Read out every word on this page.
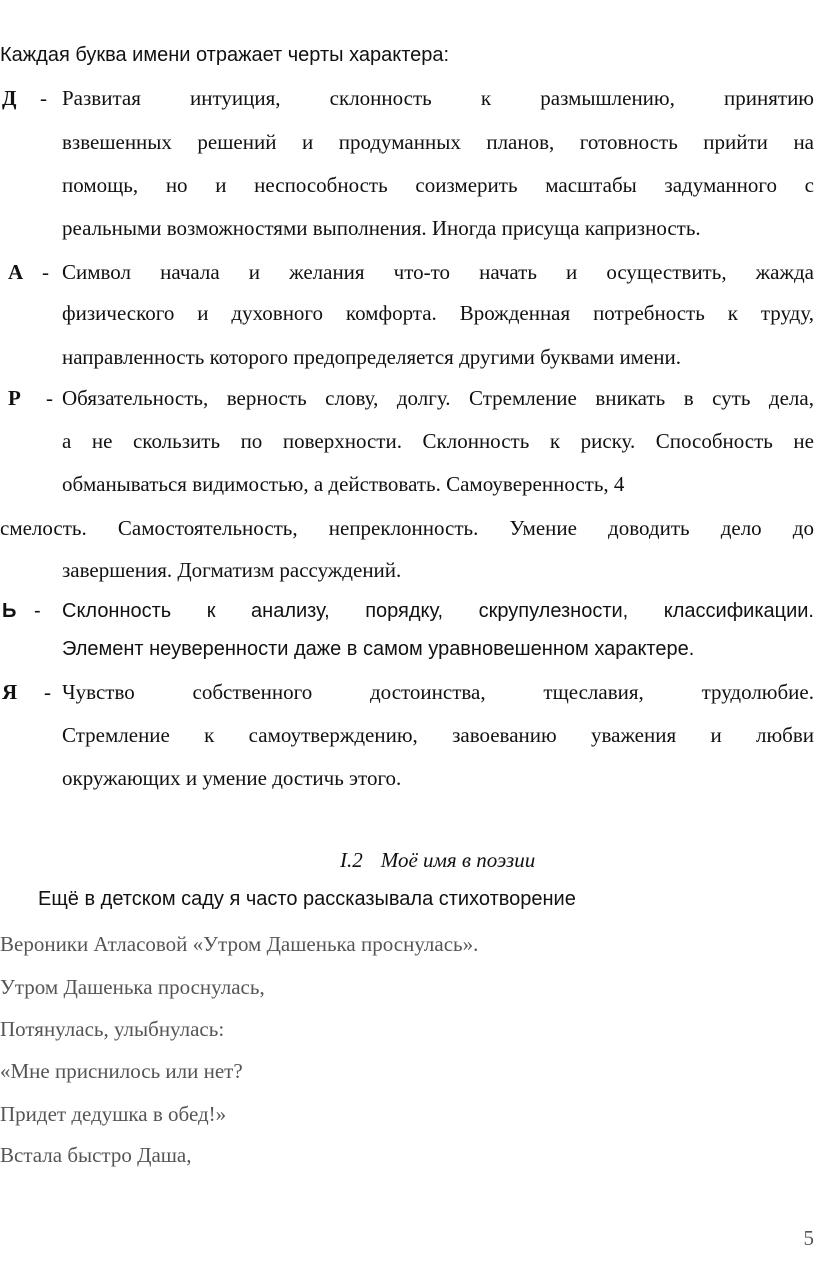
Каждая буква имени отражает черты характера:
Д - Развитая интуиция, склонность к размышлению, принятию
взвешенных решений и продуманных планов, готовность прийти на
помощь, но и неспособность соизмерить масштабы задуманного с
реальными возможностями выполнения. Иногда присуща капризность.
А - Символ начала и желания что-то начать и осуществить, жажда
физического и духовного комфорта. Врожденная потребность к труду,
направленность которого предопределяется другими буквами имени.
Р - Обязательность, верность слову, долгу. Стремление вникать в суть дела,
а не скользить по поверхности. Склонность к риску. Способность не
обманываться видимостью, а действовать. Самоуверенность, 4
смелость. Самостоятельность, непреклонность. Умение доводить дело до
завершения. Догматизм рассуждений.
Ь - Склонность к анализу, порядку, скрупулезности, классификации.
Элемент неуверенности даже в самом уравновешенном характере.
Я - Чувство собственного достоинства, тщеславия, трудолюбие.
Стремление к самоутверждению, завоеванию уважения и любви
окружающих и умение достичь этого.
I.2 Моё имя в поэзии
Ещё в детском саду я часто рассказывала стихотворение
Вероники Атласовой «Утром Дашенька проснулась».
Утром Дашенька проснулась,
Потянулась, улыбнулась:
«Мне приснилось или нет?
Придет дедушка в обед!»
Встала быстро Даша,
5
